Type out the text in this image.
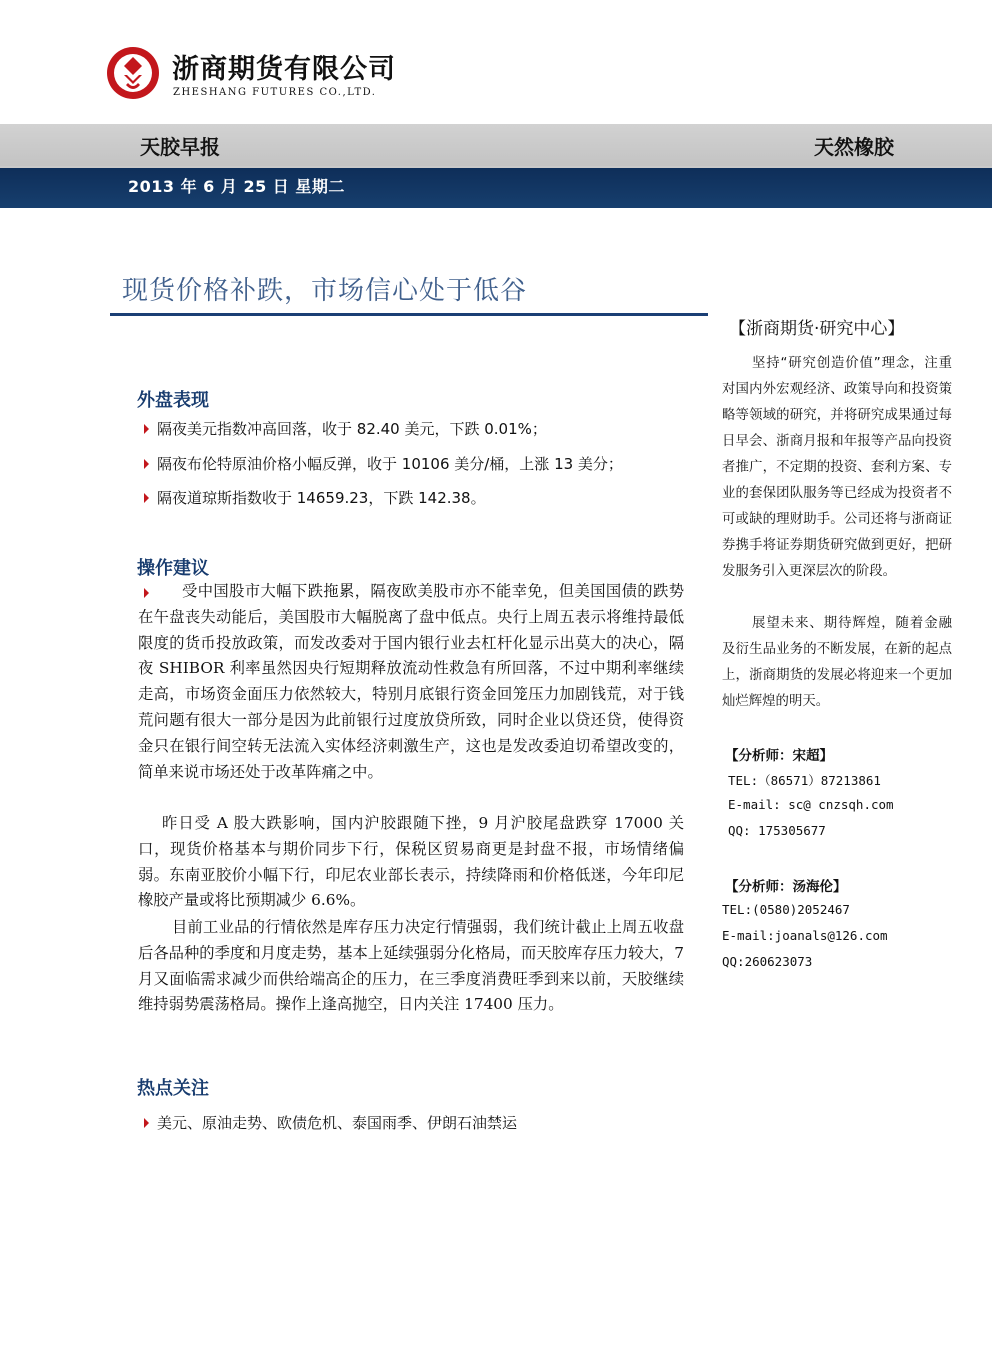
浙商期货有限公司
ZHESHANG FUTURES CO.,LTD.
天胶早报	天然橡胶
2013 年 6 月 25 日 星期二
现货价格补跌，市场信心处于低谷
外盘表现
隔夜美元指数冲高回落，收于 82.40 美元，下跌 0.01%；
隔夜布伦特原油价格小幅反弹，收于 10106 美分/桶，上涨 13 美分；
隔夜道琼斯指数收于 14659.23，下跌 142.38。
操作建议
受中国股市大幅下跌拖累，隔夜欧美股市亦不能幸免，但美国国债的跌势在午盘丧失动能后，美国股市大幅脱离了盘中低点。央行上周五表示将维持最低限度的货币投放政策，而发改委对于国内银行业去杠杆化显示出莫大的决心，隔夜 SHIBOR 利率虽然因央行短期释放流动性救急有所回落，不过中期利率继续走高，市场资金面压力依然较大，特别月底银行资金回笼压力加剧钱荒，对于钱荒问题有很大一部分是因为此前银行过度放贷所致，同时企业以贷还贷，使得资金只在银行间空转无法流入实体经济刺激生产，这也是发改委迫切希望改变的，简单来说市场还处于改革阵痛之中。
昨日受 A 股大跌影响，国内沪胶跟随下挫，9 月沪胶尾盘跌穿 17000 关口，现货价格基本与期价同步下行，保税区贸易商更是封盘不报，市场情绪偏弱。东南亚胶价小幅下行，印尼农业部长表示，持续降雨和价格低迷，今年印尼橡胶产量或将比预期减少 6.6%。
目前工业品的行情依然是库存压力决定行情强弱，我们统计截止上周五收盘后各品种的季度和月度走势，基本上延续强弱分化格局，而天胶库存压力较大，7 月又面临需求减少而供给端高企的压力，在三季度消费旺季到来以前，天胶继续维持弱势震荡格局。操作上逢高抛空，日内关注 17400 压力。
热点关注
美元、原油走势、欧债危机、泰国雨季、伊朗石油禁运
【浙商期货·研究中心】
坚持“研究创造价值”理念，注重对国内外宏观经济、政策导向和投资策略等领域的研究，并将研究成果通过每日早会、浙商月报和年报等产品向投资者推广，不定期的投资、套利方案、专业的套保团队服务等已经成为投资者不可或缺的理财助手。公司还将与浙商证券携手将证券期货研究做到更好，把研发服务引入更深层次的阶段。
展望未来、期待辉煌，随着金融及衍生品业务的不断发展，在新的起点上，浙商期货的发展必将迎来一个更加灿烂辉煌的明天。
【分析师：宋超】
TEL:（86571）87213861
E-mail: sc@ cnzsqh.com
QQ: 175305677
【分析师：汤海伦】
TEL:(0580)2052467
E-mail:joanals@126.com
QQ:260623073
